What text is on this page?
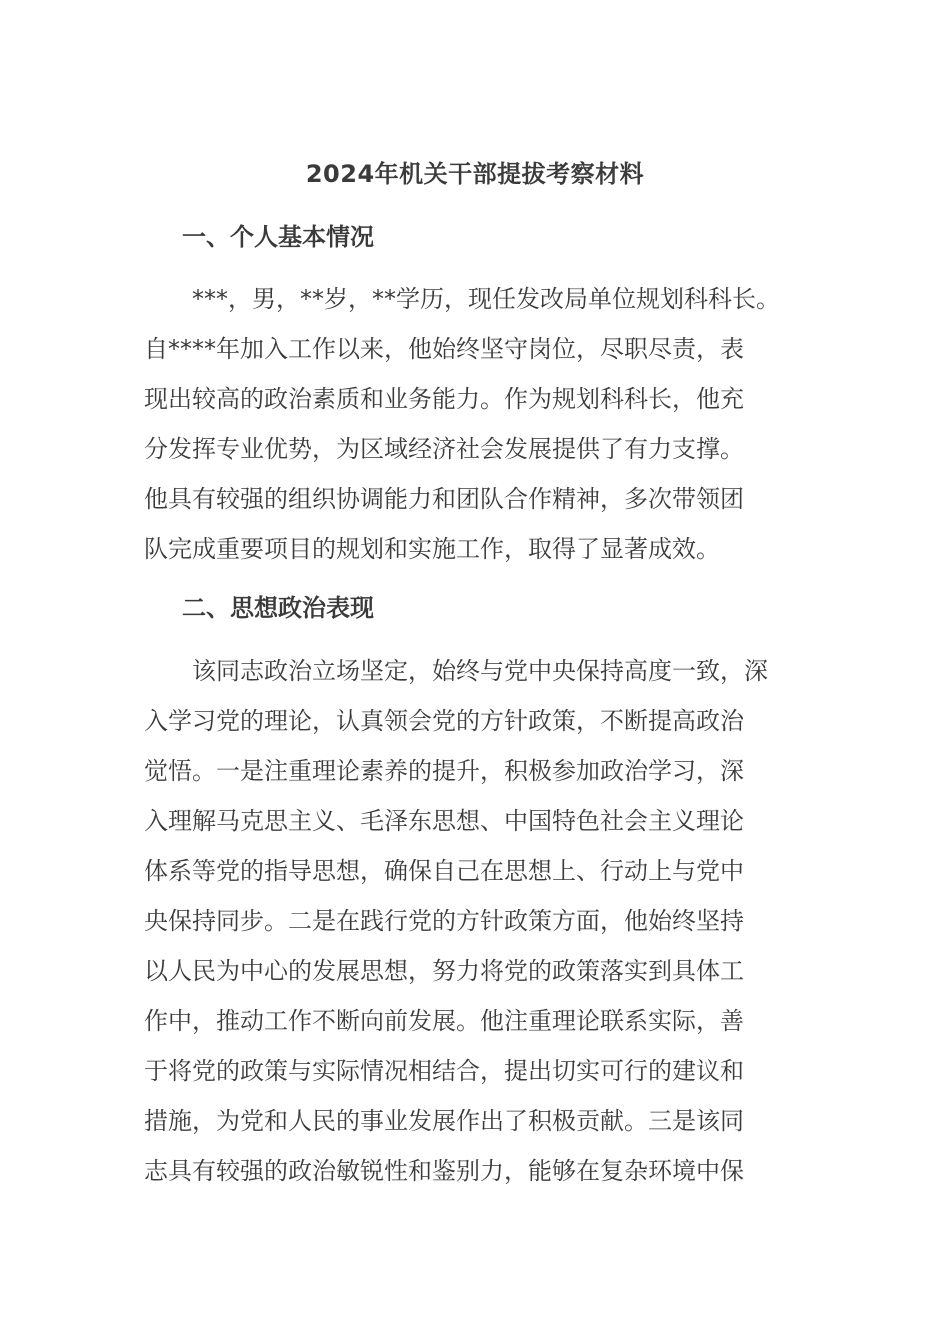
2024年机关干部提拔考察材料
一、个人基本情况
　　***，男，**岁，**学历，现任发改局单位规划科科长。
自****年加入工作以来，他始终坚守岗位，尽职尽责，表
现出较高的政治素质和业务能力。作为规划科科长，他充
分发挥专业优势，为区域经济社会发展提供了有力支撑。
他具有较强的组织协调能力和团队合作精神，多次带领团
队完成重要项目的规划和实施工作，取得了显著成效。
二、思想政治表现
　　该同志政治立场坚定，始终与党中央保持高度一致，深
入学习党的理论，认真领会党的方针政策，不断提高政治
觉悟。一是注重理论素养的提升，积极参加政治学习，深
入理解马克思主义、毛泽东思想、中国特色社会主义理论
体系等党的指导思想，确保自己在思想上、行动上与党中
央保持同步。二是在践行党的方针政策方面，他始终坚持
以人民为中心的发展思想，努力将党的政策落实到具体工
作中，推动工作不断向前发展。他注重理论联系实际，善
于将党的政策与实际情况相结合，提出切实可行的建议和
措施，为党和人民的事业发展作出了积极贡献。三是该同
志具有较强的政治敏锐性和鉴别力，能够在复杂环境中保
